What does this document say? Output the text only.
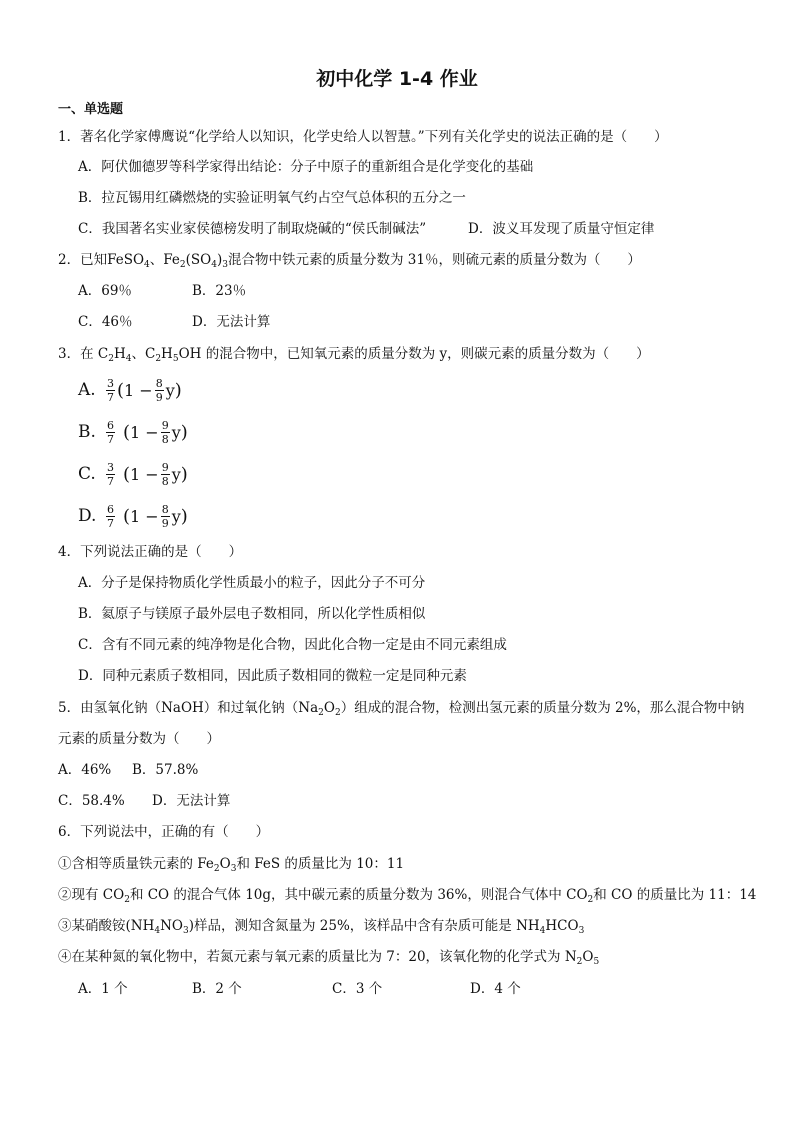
初中化学 1-4 作业
一、单选题
1．著名化学家傅鹰说“化学给人以知识，化学史给人以智慧。”下列有关化学史的说法正确的是（　　）
A．阿伏伽德罗等科学家得出结论：分子中原子的重新组合是化学变化的基础
B．拉瓦锡用红磷燃烧的实验证明氧气约占空气总体积的五分之一
C．我国著名实业家侯德榜发明了制取烧碱的“侯氏制碱法”	D．波义耳发现了质量守恒定律
2．已知FeSO$_4$、$Fe_2(SO_4)_3$混合物中铁元素的质量分数为 31％，则硫元素的质量分数为（　　）
A．69％	B．23％
C．46％	D．无法计算
3．在 $C_2H_4$、$C_2H_5OH$ 的混合物中，已知氧元素的质量分数为 y，则碳元素的质量分数为（　　）
A. $\frac{3}{7}$ ( $1 - \frac{8}{9}$ y )
B. $\frac{6}{7}$ ( $1 - \frac{9}{8}$ y )
C. $\frac{3}{7}$ ( $1 - \frac{9}{8}$ y )
D. $\frac{6}{7}$ ( $1 - \frac{8}{9}$ y )
4．下列说法正确的是（　　）
A．分子是保持物质化学性质最小的粒子，因此分子不可分
B．氦原子与镁原子最外层电子数相同，所以化学性质相似
C．含有不同元素的纯净物是化合物，因此化合物一定是由不同元素组成
D．同种元素质子数相同，因此质子数相同的微粒一定是同种元素
5．由氢氧化钠（NaOH）和过氧化钠$(Na_2O_2)$组成的混合物，检测出氢元素的质量分数为 2%，那么混合物中钠
元素的质量分数为（　　）
A．46% B．57.8%
C．58.4% D．无法计算
6．下列说法中，正确的有（　　）
①含相等质量铁元素的 $Fe_2O_3$和 FeS 的质量比为 10：11
②现有 $CO_2$和 CO 的混合气体 10g，其中碳元素的质量分数为 36%，则混合气体中 $CO_2$和 CO 的质量比为 11：14
③某硝酸铵$(NH_4NO_3)$样品，测知含氮量为 25%，该样品中含有杂质可能是 $NH_4HCO_3$
④在某种氮的氧化物中，若氮元素与氧元素的质量比为 7：20，该氧化物的化学式为 $N_2O_5$
A．1 个	B．2 个	C．3 个	D．4 个
